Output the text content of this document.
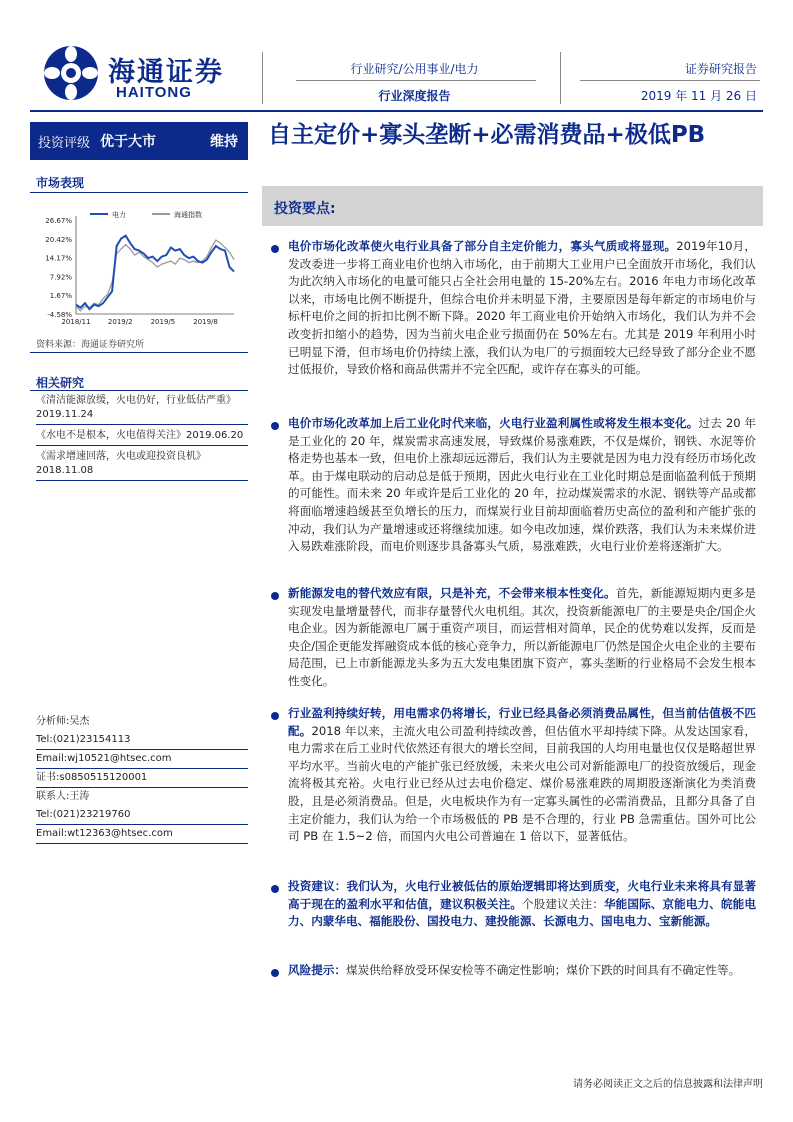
海通证券
HAITONG
行业研究/公用事业/电力
行业深度报告
证券研究报告
2019 年 11 月 26 日
投资评级 优于大市	维持
市场表现
-4.58%
1.67%
7.92%
14.17%
20.42%
26.67%
2018/11 2019/2	2019/5	2019/8
电力	海通指数
资料来源：海通证券研究所
相关研究
《清洁能源放缓，火电仍好，行业低估严重》2019.11.24
《水电不是根本，火电值得关注》2019.06.20
《需求增速回落，火电或迎投资良机》2018.11.08
分析师:吴杰
Tel:(021)23154113
Email:wj10521@htsec.com
证书:s0850515120001
联系人:王涛
Tel:(021)23219760
Email:wt12363@htsec.com
自主定价+寡头垄断+必需消费品+极低PB
投资要点:
电价市场化改革使火电行业具备了部分自主定价能力，寡头气质或将显现。2019年10月，发改委进一步将工商业电价也纳入市场化，由于前期大工业用户已全面放开市场化，我们认为此次纳入市场化的电量可能只占全社会用电量的 15-20%左右。2016 年电力市场化改革以来，市场电比例不断提升，但综合电价并未明显下滑，主要原因是每年新定的市场电价与标杆电价之间的折扣比例不断下降。2020 年工商业电价开始纳入市场化，我们认为并不会改变折扣缩小的趋势，因为当前火电企业亏损面仍在 50%左右。尤其是 2019 年利用小时已明显下滑，但市场电价仍持续上涨，我们认为电厂的亏损面较大已经导致了部分企业不愿过低报价，导致价格和商品供需并不完全匹配，或许存在寡头的可能。
电价市场化改革加上后工业化时代来临，火电行业盈利属性或将发生根本变化。过去 20 年是工业化的 20 年，煤炭需求高速发展，导致煤价易涨难跌，不仅是煤价，钢铁、水泥等价格走势也基本一致，但电价上涨却远远滞后，我们认为主要就是因为电力没有经历市场化改革。由于煤电联动的启动总是低于预期，因此火电行业在工业化时期总是面临盈利低于预期的可能性。而未来 20 年或许是后工业化的 20 年，拉动煤炭需求的水泥、钢铁等产品或都将面临增速趋缓甚至负增长的压力，而煤炭行业目前却面临着历史高位的盈利和产能扩张的冲动，我们认为产量增速或还将继续加速。如今电改加速，煤价跌落，我们认为未来煤价进入易跌难涨阶段，而电价则逐步具备寡头气质，易涨难跌，火电行业价差将逐渐扩大。
新能源发电的替代效应有限，只是补充，不会带来根本性变化。首先，新能源短期内更多是实现发电量增量替代，而非存量替代火电机组。其次，投资新能源电厂的主要是央企/国企火电企业。因为新能源电厂属于重资产项目，而运营相对简单，民企的优势难以发挥，反而是央企/国企更能发挥融资成本低的核心竞争力，所以新能源电厂仍然是国企火电企业的主要布局范围，已上市新能源龙头多为五大发电集团旗下资产，寡头垄断的行业格局不会发生根本性变化。
行业盈利持续好转，用电需求仍将增长，行业已经具备必须消费品属性，但当前估值极不匹配。2018 年以来，主流火电公司盈利持续改善，但估值水平却持续下降。从发达国家看，电力需求在后工业时代依然还有很大的增长空间，目前我国的人均用电量也仅仅是略超世界平均水平。当前火电的产能扩张已经放缓，未来火电公司对新能源电厂的投资放缓后，现金流将极其充裕。火电行业已经从过去电价稳定、煤价易涨难跌的周期股逐渐演化为类消费股，且是必须消费品。但是，火电板块作为有一定寡头属性的必需消费品，且都分具备了自主定价能力，我们认为给一个市场极低的 PB 是不合理的，行业 PB 急需重估。国外可比公司 PB 在 1.5~2 倍，而国内火电公司普遍在 1 倍以下，显著低估。
投资建议：我们认为，火电行业被低估的原始逻辑即将达到质变，火电行业未来将具有显著高于现在的盈利水平和估值，建议积极关注。个股建议关注：华能国际、京能电力、皖能电力、内蒙华电、福能股份、国投电力、建投能源、长源电力、国电电力、宝新能源。
风险提示：煤炭供给释放受环保安检等不确定性影响；煤价下跌的时间具有不确定性等。
请务必阅读正文之后的信息披露和法律声明
